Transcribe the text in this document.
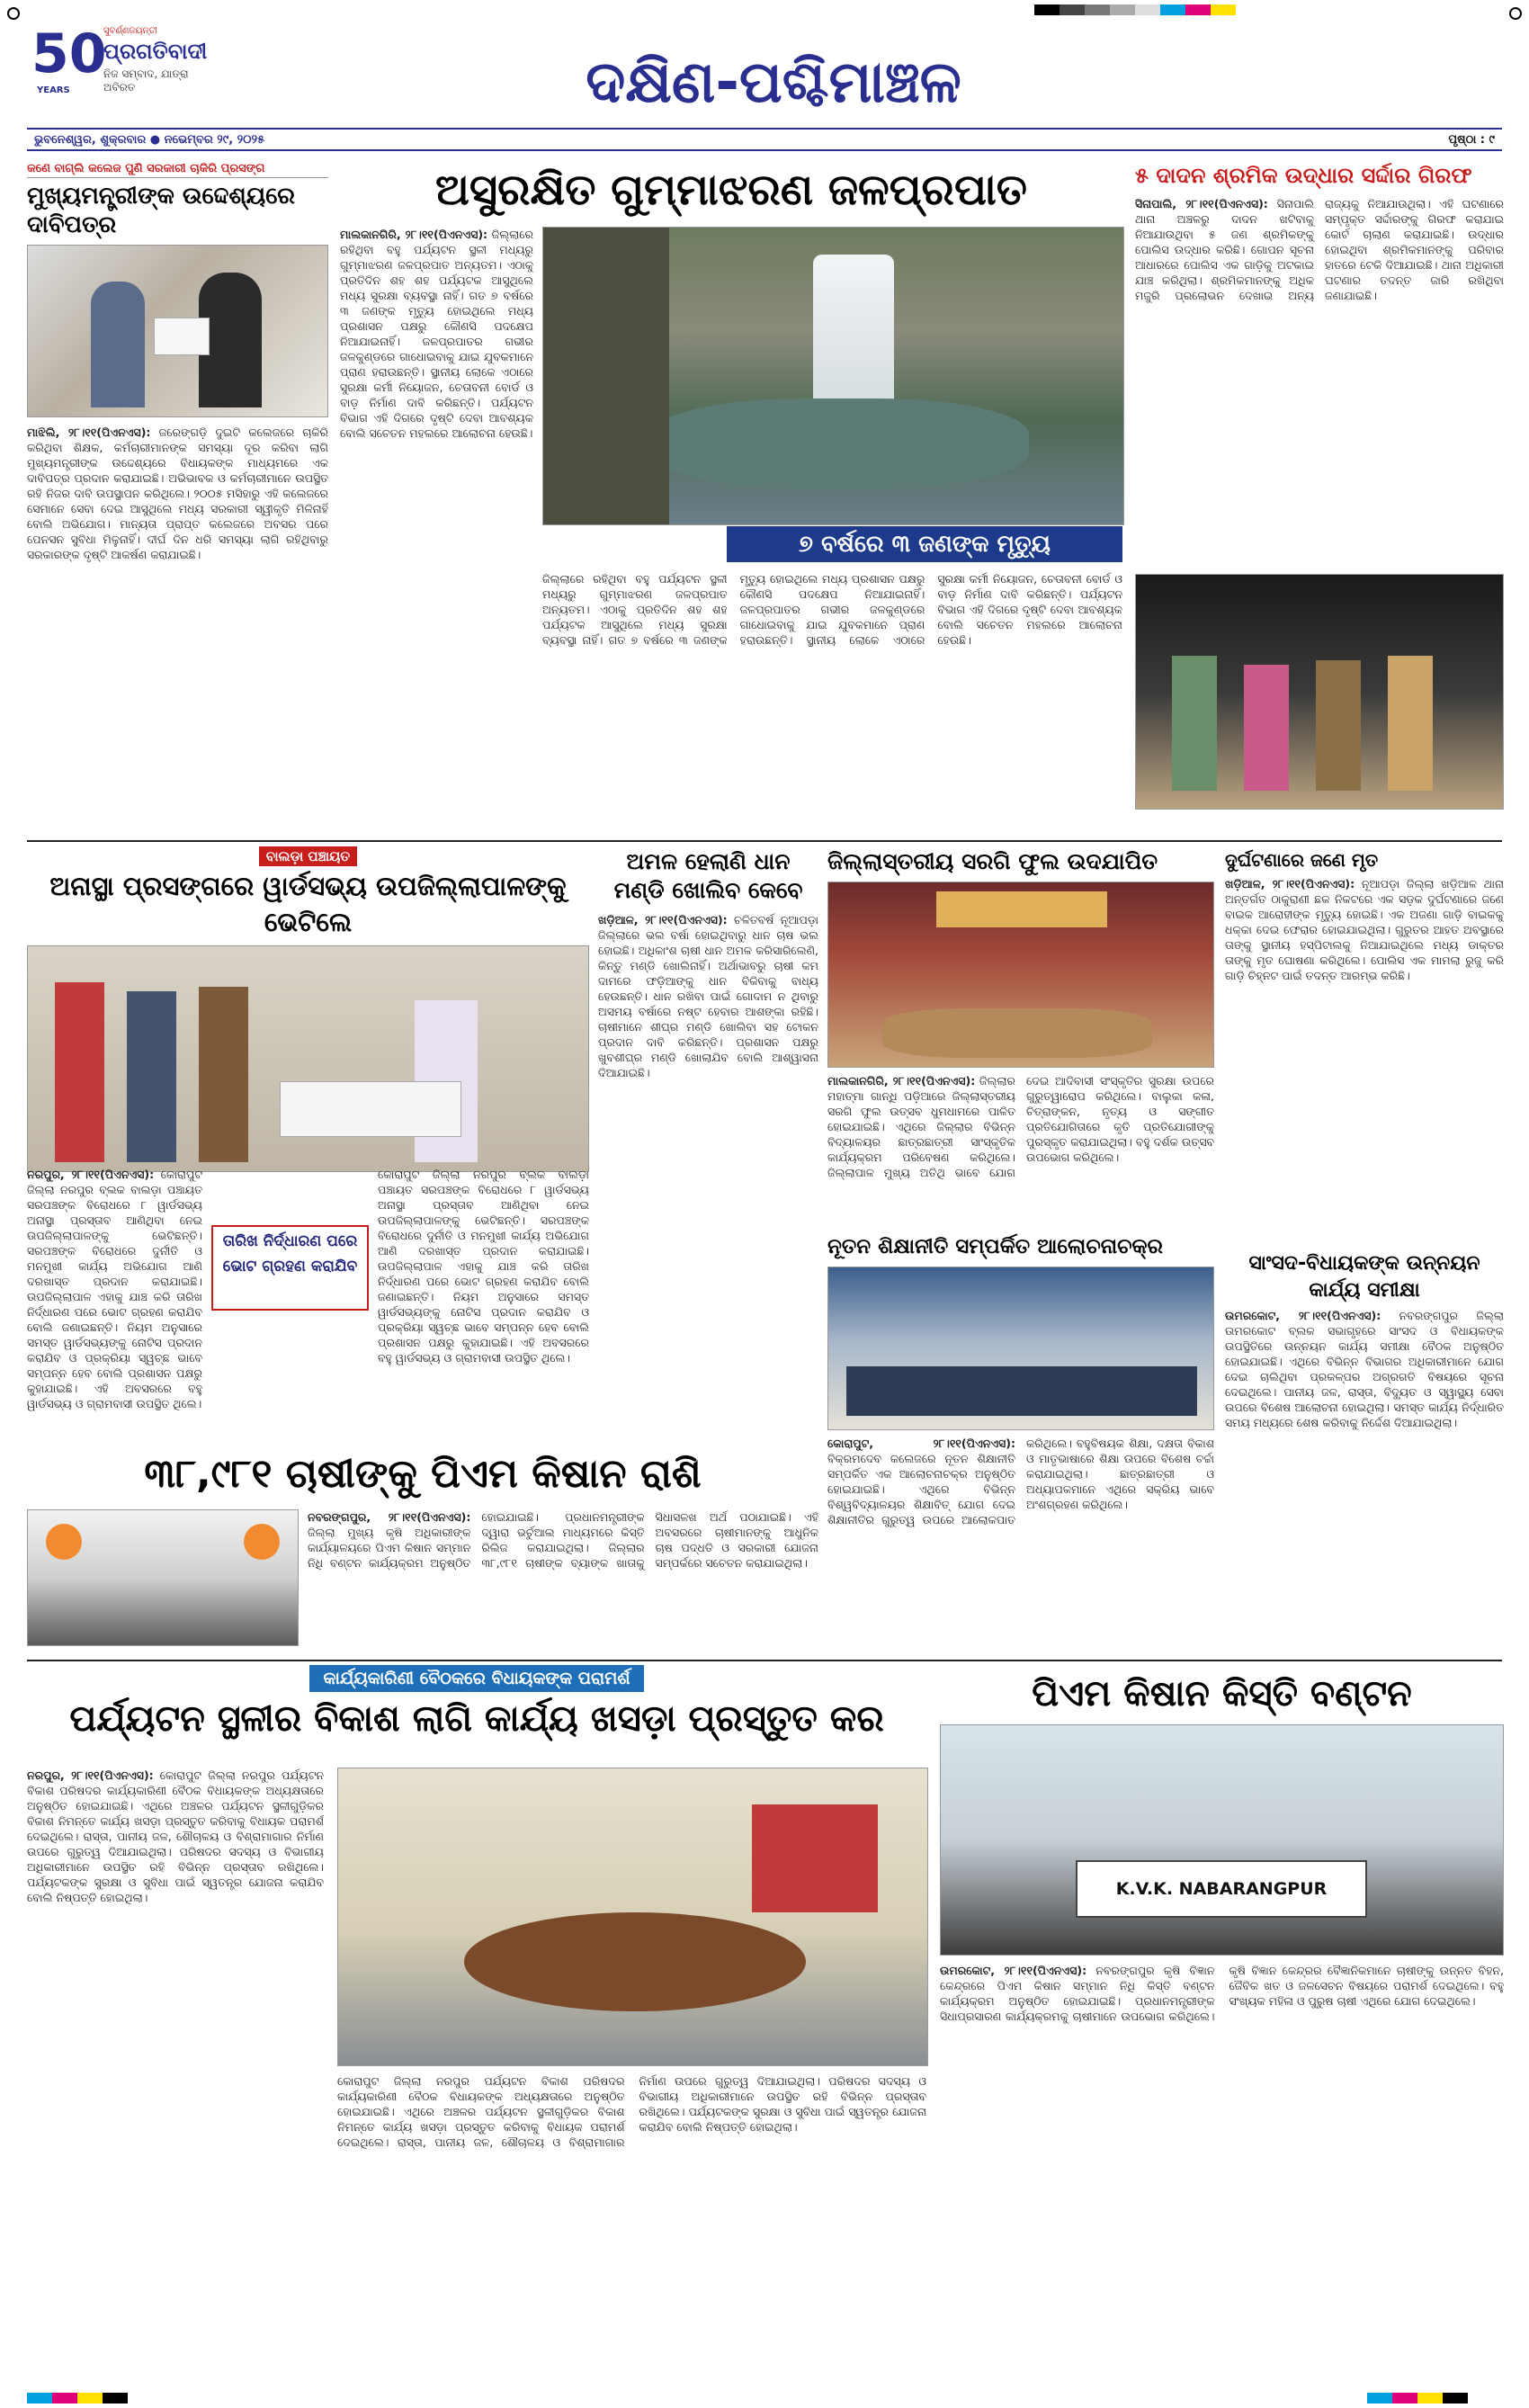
50
YEARS
ପ୍ରଗତିବାଦୀ
ନିଜ ସମ୍ବାଦ, ଯାତ୍ରା ଅବିରତ
ସୁବର୍ଣ୍ଣଜୟନ୍ତୀ
ଦକ୍ଷିଣ-ପଶ୍ଚିମାଞ୍ଚଳ
ଭୁବନେଶ୍ୱର, ଶୁକ୍ରବାର ● ନଭେମ୍ବର ୨୯, ୨୦୨୫	ପୃଷ୍ଠା : ୯
କଣେ ବାଗ୍ଲି କଲେଜ ପୁଣି ସରକାରୀ ଚାକିରି ପ୍ରସଙ୍ଗ
ମୁଖ୍ୟମନ୍ତ୍ରୀଙ୍କ ଉଦ୍ଦେଶ୍ୟରେ ଦାବିପତ୍ର
ମାଝିଲି, ୨୮।୧୧(ପିଏନଏସ): ଜରେଙ୍ଗଡ଼ି ଦୁଇଟି କଲେଜରେ ଚାକିରି କରିଥିବା ଶିକ୍ଷକ, କର୍ମଚାରୀମାନଙ୍କ ସମସ୍ୟା ଦୂର କରିବା ଲାଗି ମୁଖ୍ୟମନ୍ତ୍ରୀଙ୍କ ଉଦ୍ଦେଶ୍ୟରେ ବିଧାୟକଙ୍କ ମାଧ୍ୟମରେ ଏକ ଦାବିପତ୍ର ପ୍ରଦାନ କରାଯାଇଛି। ଅଭିଭାବକ ଓ କର୍ମଚାରୀମାନେ ଉପସ୍ଥିତ ରହି ନିଜର ଦାବି ଉପସ୍ଥାପନ କରିଥିଲେ। ୨୦୦୫ ମସିହାରୁ ଏହି କଲେଜରେ ସେମାନେ ସେବା ଦେଇ ଆସୁଥିଲେ ମଧ୍ୟ ସରକାରୀ ସ୍ୱୀକୃତି ମିଳିନାହିଁ ବୋଲି ଅଭିଯୋଗ। ମାନ୍ୟତା ପ୍ରାପ୍ତ କଲେଜରେ ଅବସର ପରେ ପେନସନ ସୁବିଧା ମିଳୁନାହିଁ। ଦୀର୍ଘ ଦିନ ଧରି ସମସ୍ୟା ଲାଗି ରହିଥିବାରୁ ସରକାରଙ୍କ ଦୃଷ୍ଟି ଆକର୍ଷଣ କରାଯାଇଛି।
ଅସୁରକ୍ଷିତ ଗୁମ୍ମାଝରଣ ଜଳପ୍ରପାତ
ମାଲକାନଗିରି, ୨୮।୧୧(ପିଏନଏସ): ଜିଲ୍ଲାରେ ରହିଥିବା ବହୁ ପର୍ଯ୍ୟଟନ ସ୍ଥଳୀ ମଧ୍ୟରୁ ଗୁମ୍ମାଝରଣ ଜଳପ୍ରପାତ ଅନ୍ୟତମ। ଏଠାକୁ ପ୍ରତିଦିନ ଶହ ଶହ ପର୍ଯ୍ୟଟକ ଆସୁଥିଲେ ମଧ୍ୟ ସୁରକ୍ଷା ବ୍ୟବସ୍ଥା ନାହିଁ। ଗତ ୭ ବର୍ଷରେ ୩ ଜଣଙ୍କ ମୃତ୍ୟୁ ହୋଇଥିଲେ ମଧ୍ୟ ପ୍ରଶାସନ ପକ୍ଷରୁ କୌଣସି ପଦକ୍ଷେପ ନିଆଯାଇନାହିଁ। ଜଳପ୍ରପାତର ଗଭୀର ଜଳକୁଣ୍ଡରେ ଗାଧୋଇବାକୁ ଯାଇ ଯୁବକମାନେ ପ୍ରାଣ ହରାଉଛନ୍ତି। ସ୍ଥାନୀୟ ଲୋକେ ଏଠାରେ ସୁରକ୍ଷା କର୍ମୀ ନିୟୋଜନ, ଚେତାବନୀ ବୋର୍ଡ ଓ ବାଡ଼ ନିର୍ମାଣ ଦାବି କରିଛନ୍ତି। ପର୍ଯ୍ୟଟନ ବିଭାଗ ଏହି ଦିଗରେ ଦୃଷ୍ଟି ଦେବା ଆବଶ୍ୟକ ବୋଲି ସଚେତନ ମହଲରେ ଆଲୋଚନା ହେଉଛି।
୭ ବର୍ଷରେ ୩ ଜଣଙ୍କ ମୃତ୍ୟୁ
ଜିଲ୍ଲାରେ ରହିଥିବା ବହୁ ପର୍ଯ୍ୟଟନ ସ୍ଥଳୀ ମଧ୍ୟରୁ ଗୁମ୍ମାଝରଣ ଜଳପ୍ରପାତ ଅନ୍ୟତମ। ଏଠାକୁ ପ୍ରତିଦିନ ଶହ ଶହ ପର୍ଯ୍ୟଟକ ଆସୁଥିଲେ ମଧ୍ୟ ସୁରକ୍ଷା ବ୍ୟବସ୍ଥା ନାହିଁ। ଗତ ୭ ବର୍ଷରେ ୩ ଜଣଙ୍କ ମୃତ୍ୟୁ ହୋଇଥିଲେ ମଧ୍ୟ ପ୍ରଶାସନ ପକ୍ଷରୁ କୌଣସି ପଦକ୍ଷେପ ନିଆଯାଇନାହିଁ। ଜଳପ୍ରପାତର ଗଭୀର ଜଳକୁଣ୍ଡରେ ଗାଧୋଇବାକୁ ଯାଇ ଯୁବକମାନେ ପ୍ରାଣ ହରାଉଛନ୍ତି। ସ୍ଥାନୀୟ ଲୋକେ ଏଠାରେ ସୁରକ୍ଷା କର୍ମୀ ନିୟୋଜନ, ଚେତାବନୀ ବୋର୍ଡ ଓ ବାଡ଼ ନିର୍ମାଣ ଦାବି କରିଛନ୍ତି। ପର୍ଯ୍ୟଟନ ବିଭାଗ ଏହି ଦିଗରେ ଦୃଷ୍ଟି ଦେବା ଆବଶ୍ୟକ ବୋଲି ସଚେତନ ମହଲରେ ଆଲୋଚନା ହେଉଛି।
୫ ଦାଦନ ଶ୍ରମିକ ଉଦ୍ଧାର ସର୍ଦ୍ଦାର ଗିରଫ
ସିନାପାଲି, ୨୮।୧୧(ପିଏନଏସ): ସିନାପାଲି ଥାନା ଅଞ୍ଚଳରୁ ଦାଦନ ଖଟିବାକୁ ନିଆଯାଉଥିବା ୫ ଜଣ ଶ୍ରମିକଙ୍କୁ ପୋଲିସ ଉଦ୍ଧାର କରିଛି। ଗୋପନ ସୂଚନା ଆଧାରରେ ପୋଲିସ ଏକ ଗାଡ଼ିକୁ ଅଟକାଇ ଯାଞ୍ଚ କରିଥିଲା। ଶ୍ରମିକମାନଙ୍କୁ ଅଧିକ ମଜୁରି ପ୍ରଲୋଭନ ଦେଖାଇ ଅନ୍ୟ ରାଜ୍ୟକୁ ନିଆଯାଉଥିଲା। ଏହି ଘଟଣାରେ ସମ୍ପୃକ୍ତ ସର୍ଦ୍ଦାରଙ୍କୁ ଗିରଫ କରାଯାଇ କୋର୍ଟ ଚାଲାଣ କରାଯାଇଛି। ଉଦ୍ଧାର ହୋଇଥିବା ଶ୍ରମିକମାନଙ୍କୁ ପରିବାର ହାତରେ ଟେକି ଦିଆଯାଇଛି। ଥାନା ଅଧିକାରୀ ଘଟଣାର ତଦନ୍ତ ଜାରି ରଖିଥିବା ଜଣାଯାଇଛି।
ବାଲଡ଼ା ପଞ୍ଚାୟତ
ଅନାସ୍ଥା ପ୍ରସଙ୍ଗରେ ୱାର୍ଡସଭ୍ୟ ଉପଜିଲ୍ଲାପାଳଙ୍କୁ ଭେଟିଲେ
ନରପୁର, ୨୮।୧୧(ପିଏନଏସ): କୋରାପୁଟ ଜିଲ୍ଲା ନରପୁର ବ୍ଲକ ବାଲଡ଼ା ପଞ୍ଚାୟତ ସରପଞ୍ଚଙ୍କ ବିରୋଧରେ ୮ ୱାର୍ଡସଭ୍ୟ ଅନାସ୍ଥା ପ୍ରସ୍ତାବ ଆଣିଥିବା ନେଇ ଉପଜିଲ୍ଲାପାଳଙ୍କୁ ଭେଟିଛନ୍ତି। ସରପଞ୍ଚଙ୍କ ବିରୋଧରେ ଦୁର୍ନୀତି ଓ ମନମୁଖୀ କାର୍ଯ୍ୟ ଅଭିଯୋଗ ଆଣି ଦରଖାସ୍ତ ପ୍ରଦାନ କରାଯାଇଛି। ଉପଜିଲ୍ଲାପାଳ ଏହାକୁ ଯାଞ୍ଚ କରି ତାରିଖ ନିର୍ଦ୍ଧାରଣ ପରେ ଭୋଟ ଗ୍ରହଣ କରାଯିବ ବୋଲି ଜଣାଇଛନ୍ତି। ନିୟମ ଅନୁସାରେ ସମସ୍ତ ୱାର୍ଡସଭ୍ୟଙ୍କୁ ନୋଟିସ ପ୍ରଦାନ କରାଯିବ ଓ ପ୍ରକ୍ରିୟା ସ୍ୱଚ୍ଛ ଭାବେ ସମ୍ପନ୍ନ ହେବ ବୋଲି ପ୍ରଶାସନ ପକ୍ଷରୁ କୁହାଯାଇଛି। ଏହି ଅବସରରେ ବହୁ ୱାର୍ଡସଭ୍ୟ ଓ ଗ୍ରାମବାସୀ ଉପସ୍ଥିତ ଥିଲେ।
ତାରିଖ ନିର୍ଦ୍ଧାରଣ ପରେ ଭୋଟ ଗ୍ରହଣ କରାଯିବ
କୋରାପୁଟ ଜିଲ୍ଲା ନରପୁର ବ୍ଲକ ବାଲଡ଼ା ପଞ୍ଚାୟତ ସରପଞ୍ଚଙ୍କ ବିରୋଧରେ ୮ ୱାର୍ଡସଭ୍ୟ ଅନାସ୍ଥା ପ୍ରସ୍ତାବ ଆଣିଥିବା ନେଇ ଉପଜିଲ୍ଲାପାଳଙ୍କୁ ଭେଟିଛନ୍ତି। ସରପଞ୍ଚଙ୍କ ବିରୋଧରେ ଦୁର୍ନୀତି ଓ ମନମୁଖୀ କାର୍ଯ୍ୟ ଅଭିଯୋଗ ଆଣି ଦରଖାସ୍ତ ପ୍ରଦାନ କରାଯାଇଛି। ଉପଜିଲ୍ଲାପାଳ ଏହାକୁ ଯାଞ୍ଚ କରି ତାରିଖ ନିର୍ଦ୍ଧାରଣ ପରେ ଭୋଟ ଗ୍ରହଣ କରାଯିବ ବୋଲି ଜଣାଇଛନ୍ତି। ନିୟମ ଅନୁସାରେ ସମସ୍ତ ୱାର୍ଡସଭ୍ୟଙ୍କୁ ନୋଟିସ ପ୍ରଦାନ କରାଯିବ ଓ ପ୍ରକ୍ରିୟା ସ୍ୱଚ୍ଛ ଭାବେ ସମ୍ପନ୍ନ ହେବ ବୋଲି ପ୍ରଶାସନ ପକ୍ଷରୁ କୁହାଯାଇଛି। ଏହି ଅବସରରେ ବହୁ ୱାର୍ଡସଭ୍ୟ ଓ ଗ୍ରାମବାସୀ ଉପସ୍ଥିତ ଥିଲେ।
ଅମଳ ହେଲାଣି ଧାନ ମଣ୍ଡି ଖୋଲିବ କେବେ
ଖଡ଼ିଆଳ, ୨୮।୧୧(ପିଏନଏସ): ଚଳିତବର୍ଷ ନୂଆପଡ଼ା ଜିଲ୍ଲାରେ ଭଲ ବର୍ଷା ହୋଇଥିବାରୁ ଧାନ ଚାଷ ଭଲ ହୋଇଛି। ଅଧିକାଂଶ ଚାଷୀ ଧାନ ଅମଳ କରିସାରିଲେଣି, କିନ୍ତୁ ମଣ୍ଡି ଖୋଲିନାହିଁ। ଅର୍ଥାଭାବରୁ ଚାଷୀ କମ ଦାମରେ ଫଡ଼ିଆଙ୍କୁ ଧାନ ବିକିବାକୁ ବାଧ୍ୟ ହେଉଛନ୍ତି। ଧାନ ରଖିବା ପାଇଁ ଗୋଦାମ ନ ଥିବାରୁ ଅସମୟ ବର୍ଷାରେ ନଷ୍ଟ ହେବାର ଆଶଙ୍କା ରହିଛି। ଚାଷୀମାନେ ଶୀଘ୍ର ମଣ୍ଡି ଖୋଲିବା ସହ ଟୋକନ ପ୍ରଦାନ ଦାବି କରିଛନ୍ତି। ପ୍ରଶାସନ ପକ୍ଷରୁ ଖୁବଶୀଘ୍ର ମଣ୍ଡି ଖୋଲାଯିବ ବୋଲି ଆଶ୍ୱାସନା ଦିଆଯାଇଛି।
ଜିଲ୍ଲାସ୍ତରୀୟ ସରଗି ଫୁଲ ଉଦଯାପିତ
ମାଲକାନଗିରି, ୨୮।୧୧(ପିଏନଏସ): ଜିଲ୍ଲାର ମହାତ୍ମା ଗାନ୍ଧି ପଡ଼ିଆରେ ଜିଲ୍ଲାସ୍ତରୀୟ ସରଗି ଫୁଲ ଉତ୍ସବ ଧୁମଧାମରେ ପାଳିତ ହୋଇଯାଇଛି। ଏଥିରେ ଜିଲ୍ଲାର ବିଭିନ୍ନ ବିଦ୍ୟାଳୟର ଛାତ୍ରଛାତ୍ରୀ ସାଂସ୍କୃତିକ କାର୍ଯ୍ୟକ୍ରମ ପରିବେଷଣ କରିଥିଲେ। ଜିଲ୍ଲାପାଳ ମୁଖ୍ୟ ଅତିଥି ଭାବେ ଯୋଗ ଦେଇ ଆଦିବାସୀ ସଂସ୍କୃତିର ସୁରକ୍ଷା ଉପରେ ଗୁରୁତ୍ୱାରୋପ କରିଥିଲେ। ବାଲୁକା କଳା, ଚିତ୍ରାଙ୍କନ, ନୃତ୍ୟ ଓ ସଙ୍ଗୀତ ପ୍ରତିଯୋଗିତାରେ କୃତି ପ୍ରତିଯୋଗୀଙ୍କୁ ପୁରସ୍କୃତ କରାଯାଇଥିଲା। ବହୁ ଦର୍ଶକ ଉତ୍ସବ ଉପଭୋଗ କରିଥିଲେ।
ଦୁର୍ଘଟଣାରେ ଜଣେ ମୃତ
ଖଡ଼ିଆଳ, ୨୮।୧୧(ପିଏନଏସ): ନୂଆପଡ଼ା ଜିଲ୍ଲା ଖଡ଼ିଆଳ ଥାନା ଅନ୍ତର୍ଗତ ଠାକୁରାଣୀ ଛକ ନିକଟରେ ଏକ ସଡ଼କ ଦୁର୍ଘଟଣାରେ ଜଣେ ବାଇକ ଆରୋହୀଙ୍କ ମୃତ୍ୟୁ ହୋଇଛି। ଏକ ଅଜଣା ଗାଡ଼ି ବାଇକକୁ ଧକ୍କା ଦେଇ ଫେରାର ହୋଇଯାଇଥିଲା। ଗୁରୁତର ଆହତ ଅବସ୍ଥାରେ ତାଙ୍କୁ ସ୍ଥାନୀୟ ହସ୍ପିଟାଲକୁ ନିଆଯାଇଥିଲେ ମଧ୍ୟ ଡାକ୍ତର ତାଙ୍କୁ ମୃତ ଘୋଷଣା କରିଥିଲେ। ପୋଲିସ ଏକ ମାମଲା ରୁଜୁ କରି ଗାଡ଼ି ଚିହ୍ନଟ ପାଇଁ ତଦନ୍ତ ଆରମ୍ଭ କରିଛି।
ନୂତନ ଶିକ୍ଷାନୀତି ସମ୍ପର୍କିତ ଆଲୋଚନାଚକ୍ର
କୋରାପୁଟ, ୨୮।୧୧(ପିଏନଏସ): ବିକ୍ରମଦେବ କଲେଜରେ ନୂତନ ଶିକ୍ଷାନୀତି ସମ୍ପର୍କିତ ଏକ ଆଲୋଚନାଚକ୍ର ଅନୁଷ୍ଠିତ ହୋଇଯାଇଛି। ଏଥିରେ ବିଭିନ୍ନ ବିଶ୍ୱବିଦ୍ୟାଳୟର ଶିକ୍ଷାବିତ୍ ଯୋଗ ଦେଇ ଶିକ୍ଷାନୀତିର ଗୁରୁତ୍ୱ ଉପରେ ଆଲୋକପାତ କରିଥିଲେ। ବହୁବିଷୟକ ଶିକ୍ଷା, ଦକ୍ଷତା ବିକାଶ ଓ ମାତୃଭାଷାରେ ଶିକ୍ଷା ଉପରେ ବିଶେଷ ଚର୍ଚ୍ଚା କରାଯାଇଥିଲା। ଛାତ୍ରଛାତ୍ରୀ ଓ ଅଧ୍ୟାପକମାନେ ଏଥିରେ ସକ୍ରିୟ ଭାବେ ଅଂଶଗ୍ରହଣ କରିଥିଲେ।
ସାଂସଦ-ବିଧାୟକଙ୍କ ଉନ୍ନୟନ କାର୍ଯ୍ୟ ସମୀକ୍ଷା
ଉମରକୋଟ, ୨୮।୧୧(ପିଏନଏସ): ନବରଙ୍ଗପୁର ଜିଲ୍ଲା ଉମରକୋଟ ବ୍ଲକ ସଭାଗୃହରେ ସାଂସଦ ଓ ବିଧାୟକଙ୍କ ଉପସ୍ଥିତିରେ ଉନ୍ନୟନ କାର୍ଯ୍ୟ ସମୀକ୍ଷା ବୈଠକ ଅନୁଷ୍ଠିତ ହୋଇଯାଇଛି। ଏଥିରେ ବିଭିନ୍ନ ବିଭାଗର ଅଧିକାରୀମାନେ ଯୋଗ ଦେଇ ଚାଲିଥିବା ପ୍ରକଳ୍ପର ଅଗ୍ରଗତି ବିଷୟରେ ସୂଚନା ଦେଇଥିଲେ। ପାନୀୟ ଜଳ, ରାସ୍ତା, ବିଦ୍ୟୁତ ଓ ସ୍ୱାସ୍ଥ୍ୟ ସେବା ଉପରେ ବିଶେଷ ଆଲୋଚନା ହୋଇଥିଲା। ସମସ୍ତ କାର୍ଯ୍ୟ ନିର୍ଦ୍ଧାରିତ ସମୟ ମଧ୍ୟରେ ଶେଷ କରିବାକୁ ନିର୍ଦ୍ଦେଶ ଦିଆଯାଇଥିଲା।
୩୮,୯୮୧ ଚାଷୀଙ୍କୁ ପିଏମ କିଷାନ ରାଶି
ନବରଙ୍ଗପୁର, ୨୮।୧୧(ପିଏନଏସ): ଜିଲ୍ଲା ମୁଖ୍ୟ କୃଷି ଅଧିକାରୀଙ୍କ କାର୍ଯ୍ୟାଳୟରେ ପିଏମ କିଷାନ ସମ୍ମାନ ନିଧି ବଣ୍ଟନ କାର୍ଯ୍ୟକ୍ରମ ଅନୁଷ୍ଠିତ ହୋଇଯାଇଛି। ପ୍ରଧାନମନ୍ତ୍ରୀଙ୍କ ଦ୍ୱାରା ଭର୍ଚୁଆଲ ମାଧ୍ୟମରେ କିସ୍ତି ରିଲିଜ କରାଯାଇଥିଲା। ଜିଲ୍ଲାର ୩୮,୯୮୧ ଚାଷୀଙ୍କ ବ୍ୟାଙ୍କ ଖାତାକୁ ସିଧାସଳଖ ଅର୍ଥ ପଠାଯାଇଛି। ଏହି ଅବସରରେ ଚାଷୀମାନଙ୍କୁ ଆଧୁନିକ ଚାଷ ପଦ୍ଧତି ଓ ସରକାରୀ ଯୋଜନା ସମ୍ପର୍କରେ ସଚେତନ କରାଯାଇଥିଲା।
କାର୍ଯ୍ୟକାରିଣୀ ବୈଠକରେ ବିଧାୟକଙ୍କ ପରାମର୍ଶ
ପର୍ଯ୍ୟଟନ ସ୍ଥଳୀର ବିକାଶ ଲାଗି କାର୍ଯ୍ୟ ଖସଡ଼ା ପ୍ରସ୍ତୁତ କର
ନରପୁର, ୨୮।୧୧(ପିଏନଏସ): କୋରାପୁଟ ଜିଲ୍ଲା ନରପୁର ପର୍ଯ୍ୟଟନ ବିକାଶ ପରିଷଦର କାର୍ଯ୍ୟକାରିଣୀ ବୈଠକ ବିଧାୟକଙ୍କ ଅଧ୍ୟକ୍ଷତାରେ ଅନୁଷ୍ଠିତ ହୋଇଯାଇଛି। ଏଥିରେ ଅଞ୍ଚଳର ପର୍ଯ୍ୟଟନ ସ୍ଥଳୀଗୁଡ଼ିକର ବିକାଶ ନିମନ୍ତେ କାର୍ଯ୍ୟ ଖସଡ଼ା ପ୍ରସ୍ତୁତ କରିବାକୁ ବିଧାୟକ ପରାମର୍ଶ ଦେଇଥିଲେ। ରାସ୍ତା, ପାନୀୟ ଜଳ, ଶୌଚାଳୟ ଓ ବିଶ୍ରାମାଗାର ନିର୍ମାଣ ଉପରେ ଗୁରୁତ୍ୱ ଦିଆଯାଇଥିଲା। ପରିଷଦର ସଦସ୍ୟ ଓ ବିଭାଗୀୟ ଅଧିକାରୀମାନେ ଉପସ୍ଥିତ ରହି ବିଭିନ୍ନ ପ୍ରସ୍ତାବ ରଖିଥିଲେ। ପର୍ଯ୍ୟଟକଙ୍କ ସୁରକ୍ଷା ଓ ସୁବିଧା ପାଇଁ ସ୍ୱତନ୍ତ୍ର ଯୋଜନା କରାଯିବ ବୋଲି ନିଷ୍ପତ୍ତି ହୋଇଥିଲା।
କୋରାପୁଟ ଜିଲ୍ଲା ନରପୁର ପର୍ଯ୍ୟଟନ ବିକାଶ ପରିଷଦର କାର୍ଯ୍ୟକାରିଣୀ ବୈଠକ ବିଧାୟକଙ୍କ ଅଧ୍ୟକ୍ଷତାରେ ଅନୁଷ୍ଠିତ ହୋଇଯାଇଛି। ଏଥିରେ ଅଞ୍ଚଳର ପର୍ଯ୍ୟଟନ ସ୍ଥଳୀଗୁଡ଼ିକର ବିକାଶ ନିମନ୍ତେ କାର୍ଯ୍ୟ ଖସଡ଼ା ପ୍ରସ୍ତୁତ କରିବାକୁ ବିଧାୟକ ପରାମର୍ଶ ଦେଇଥିଲେ। ରାସ୍ତା, ପାନୀୟ ଜଳ, ଶୌଚାଳୟ ଓ ବିଶ୍ରାମାଗାର ନିର୍ମାଣ ଉପରେ ଗୁରୁତ୍ୱ ଦିଆଯାଇଥିଲା। ପରିଷଦର ସଦସ୍ୟ ଓ ବିଭାଗୀୟ ଅଧିକାରୀମାନେ ଉପସ୍ଥିତ ରହି ବିଭିନ୍ନ ପ୍ରସ୍ତାବ ରଖିଥିଲେ। ପର୍ଯ୍ୟଟକଙ୍କ ସୁରକ୍ଷା ଓ ସୁବିଧା ପାଇଁ ସ୍ୱତନ୍ତ୍ର ଯୋଜନା କରାଯିବ ବୋଲି ନିଷ୍ପତ୍ତି ହୋଇଥିଲା।
ପିଏମ କିଷାନ କିସ୍ତି ବଣ୍ଟନ
K.V.K. NABARANGPUR
ଉମରକୋଟ, ୨୮।୧୧(ପିଏନଏସ): ନବରଙ୍ଗପୁର କୃଷି ବିଜ୍ଞାନ କେନ୍ଦ୍ରରେ ପିଏମ କିଷାନ ସମ୍ମାନ ନିଧି କିସ୍ତି ବଣ୍ଟନ କାର୍ଯ୍ୟକ୍ରମ ଅନୁଷ୍ଠିତ ହୋଇଯାଇଛି। ପ୍ରଧାନମନ୍ତ୍ରୀଙ୍କ ସିଧାପ୍ରସାରଣ କାର୍ଯ୍ୟକ୍ରମକୁ ଚାଷୀମାନେ ଉପଭୋଗ କରିଥିଲେ। କୃଷି ବିଜ୍ଞାନ କେନ୍ଦ୍ରର ବୈଜ୍ଞାନିକମାନେ ଚାଷୀଙ୍କୁ ଉନ୍ନତ ବିହନ, ଜୈବିକ ଖତ ଓ ଜଳସେଚନ ବିଷୟରେ ପରାମର୍ଶ ଦେଇଥିଲେ। ବହୁ ସଂଖ୍ୟକ ମହିଳା ଓ ପୁରୁଷ ଚାଷୀ ଏଥିରେ ଯୋଗ ଦେଇଥିଲେ।
